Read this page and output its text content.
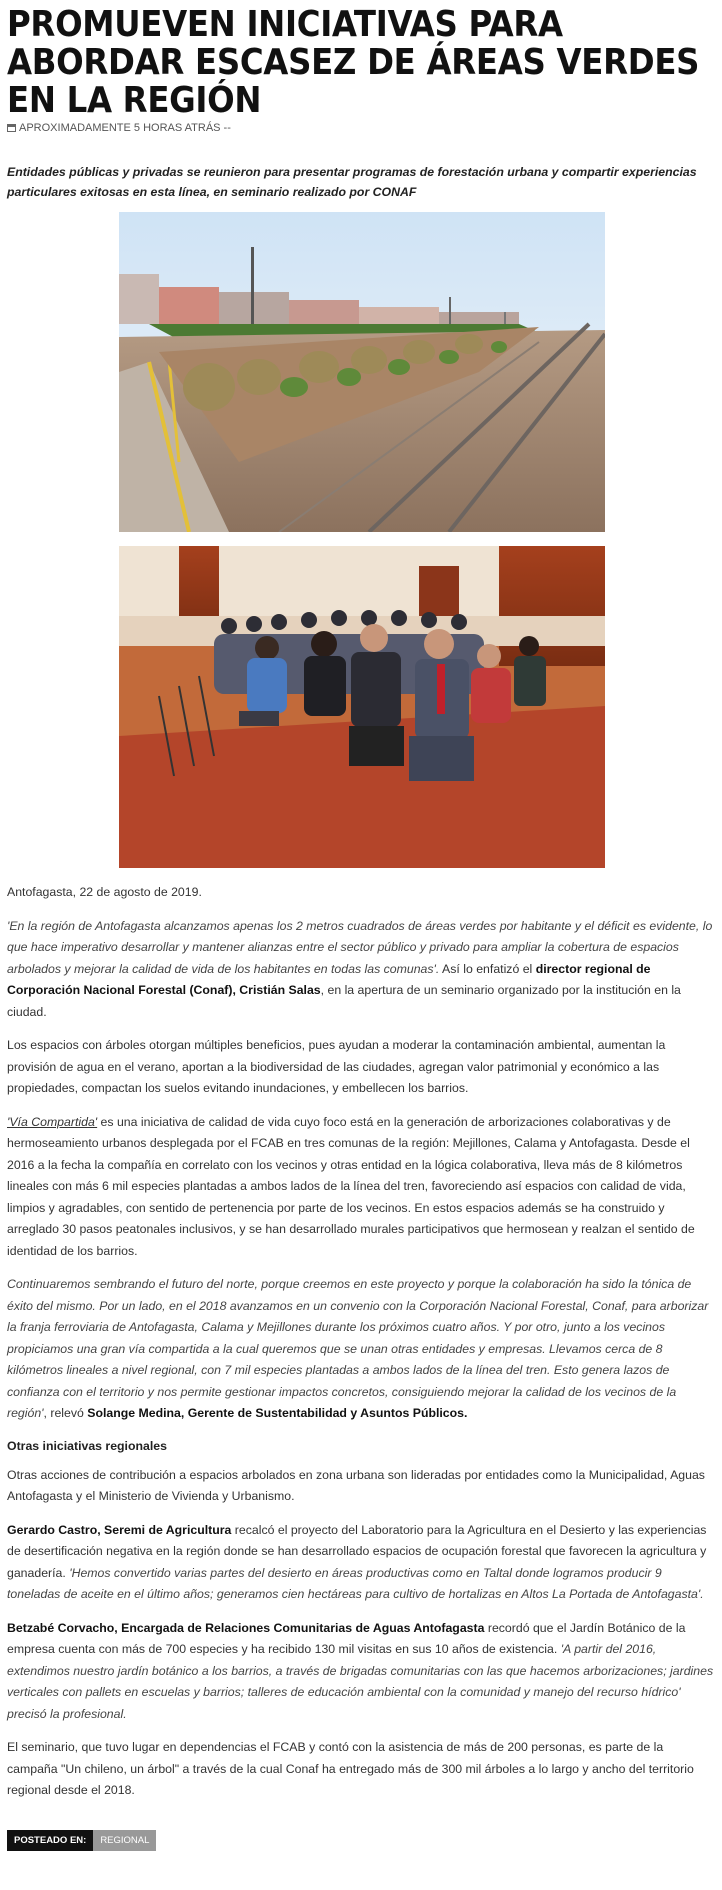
PROMUEVEN INICIATIVAS PARA ABORDAR ESCASEZ DE ÁREAS VERDES EN LA REGIÓN
APROXIMADAMENTE 5 HORAS ATRÁS --

Entidades públicas y privadas se reunieron para presentar programas de forestación urbana y compartir experiencias particulares exitosas en esta línea, en seminario realizado por CONAF

Antofagasta, 22 de agosto de 2019.

'En la región de Antofagasta alcanzamos apenas los 2 metros cuadrados de áreas verdes por habitante y el déficit es evidente, lo que hace imperativo desarrollar y mantener alianzas entre el sector público y privado para ampliar la cobertura de espacios arbolados y mejorar la calidad de vida de los habitantes en todas las comunas'. Así lo enfatizó el director regional de Corporación Nacional Forestal (Conaf), Cristián Salas, en la apertura de un seminario organizado por la institución en la ciudad.

Los espacios con árboles otorgan múltiples beneficios, pues ayudan a moderar la contaminación ambiental, aumentan la provisión de agua en el verano, aportan a la biodiversidad de las ciudades, agregan valor patrimonial y económico a las propiedades, compactan los suelos evitando inundaciones, y embellecen los barrios.

'Vía Compartida' es una iniciativa de calidad de vida cuyo foco está en la generación de arborizaciones colaborativas y de hermoseamiento urbanos desplegada por el FCAB en tres comunas de la región: Mejillones, Calama y Antofagasta. Desde el 2016 a la fecha la compañía en correlato con los vecinos y otras entidad en la lógica colaborativa, lleva más de 8 kilómetros lineales con más 6 mil especies plantadas a ambos lados de la línea del tren, favoreciendo así espacios con calidad de vida, limpios y agradables, con sentido de pertenencia por parte de los vecinos. En estos espacios además se ha construido y arreglado 30 pasos peatonales inclusivos, y se han desarrollado murales participativos que hermosean y realzan el sentido de identidad de los barrios.

Continuaremos sembrando el futuro del norte, porque creemos en este proyecto y porque la colaboración ha sido la tónica de éxito del mismo. Por un lado, en el 2018 avanzamos en un convenio con la Corporación Nacional Forestal, Conaf, para arborizar la franja ferroviaria de Antofagasta, Calama y Mejillones durante los próximos cuatro años. Y por otro, junto a los vecinos propiciamos una gran vía compartida a la cual queremos que se unan otras entidades y empresas. Llevamos cerca de 8 kilómetros lineales a nivel regional, con 7 mil especies plantadas a ambos lados de la línea del tren. Esto genera lazos de confianza con el territorio y nos permite gestionar impactos concretos, consiguiendo mejorar la calidad de los vecinos de la región', relevó Solange Medina, Gerente de Sustentabilidad y Asuntos Públicos.

Otras iniciativas regionales

Otras acciones de contribución a espacios arbolados en zona urbana son lideradas por entidades como la Municipalidad, Aguas Antofagasta y el Ministerio de Vivienda y Urbanismo.

Gerardo Castro, Seremi de Agricultura recalcó el proyecto del Laboratorio para la Agricultura en el Desierto y las experiencias de desertificación negativa en la región donde se han desarrollado espacios de ocupación forestal que favorecen la agricultura y ganadería. 'Hemos convertido varias partes del desierto en áreas productivas como en Taltal donde logramos producir 9 toneladas de aceite en el último años; generamos cien hectáreas para cultivo de hortalizas en Altos La Portada de Antofagasta'.

Betzabé Corvacho, Encargada de Relaciones Comunitarias de Aguas Antofagasta recordó que el Jardín Botánico de la empresa cuenta con más de 700 especies y ha recibido 130 mil visitas en sus 10 años de existencia. 'A partir del 2016, extendimos nuestro jardín botánico a los barrios, a través de brigadas comunitarias con las que hacemos arborizaciones; jardines verticales con pallets en escuelas y barrios; talleres de educación ambiental con la comunidad y manejo del recurso hídrico' precisó la profesional.

El seminario, que tuvo lugar en dependencias el FCAB y contó con la asistencia de más de 200 personas, es parte de la campaña "Un chileno, un árbol" a través de la cual Conaf ha entregado más de 300 mil árboles a lo largo y ancho del territorio regional desde el 2018.

POSTEADO EN:	REGIONAL
